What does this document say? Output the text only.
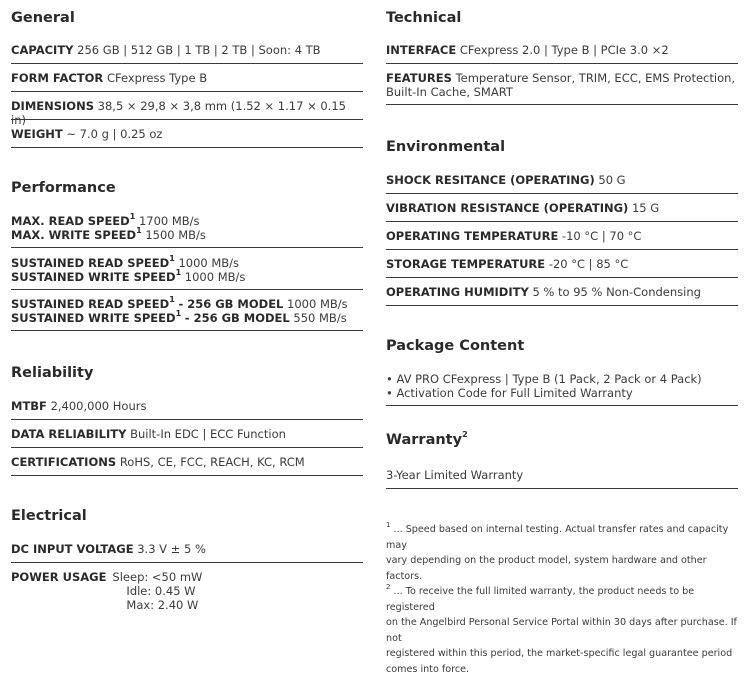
General
CAPACITY 256 GB | 512 GB | 1 TB | 2 TB | Soon: 4 TB
FORM FACTOR CFexpress Type B
DIMENSIONS 38,5 × 29,8 × 3,8 mm (1.52 × 1.17 × 0.15 in)
WEIGHT ~ 7.0 g | 0.25 oz
Performance
MAX. READ SPEED$^1$ 1700 MB/s
MAX. WRITE SPEED$^1$ 1500 MB/s
SUSTAINED READ SPEED$^1$ 1000 MB/s
SUSTAINED WRITE SPEED$^1$ 1000 MB/s
SUSTAINED READ SPEED$^1$ - 256 GB MODEL 1000 MB/s
SUSTAINED WRITE SPEED$^1$ - 256 GB MODEL 550 MB/s
Reliability
MTBF 2,400,000 Hours
DATA RELIABILITY Built-In EDC | ECC Function
CERTIFICATIONS RoHS, CE, FCC, REACH, KC, RCM
Electrical
DC INPUT VOLTAGE 3.3 V ± 5 %
POWER USAGE Sleep: <50 mW
Idle: 0.45 W
Max: 2.40 W
Technical
INTERFACE CFexpress 2.0 | Type B | PCIe 3.0 ×2
FEATURES Temperature Sensor, TRIM, ECC, EMS Protection,
Built-In Cache, SMART
Environmental
SHOCK RESITANCE (OPERATING) 50 G
VIBRATION RESISTANCE (OPERATING) 15 G
OPERATING TEMPERATURE -10 °C | 70 °C
STORAGE TEMPERATURE -20 °C | 85 °C
OPERATING HUMIDITY 5 % to 95 % Non-Condensing
Package Content
• AV PRO CFexpress | Type B (1 Pack, 2 Pack or 4 Pack)
• Activation Code for Full Limited Warranty
Warranty$^2$
3-Year Limited Warranty
$^1$ ... Speed based on internal testing. Actual transfer rates and capacity may
vary depending on the product model, system hardware and other factors.
$^2$ ... To receive the full limited warranty, the product needs to be registered
on the Angelbird Personal Service Portal within 30 days after purchase. If not
registered within this period, the market-specific legal guarantee period
comes into force.
